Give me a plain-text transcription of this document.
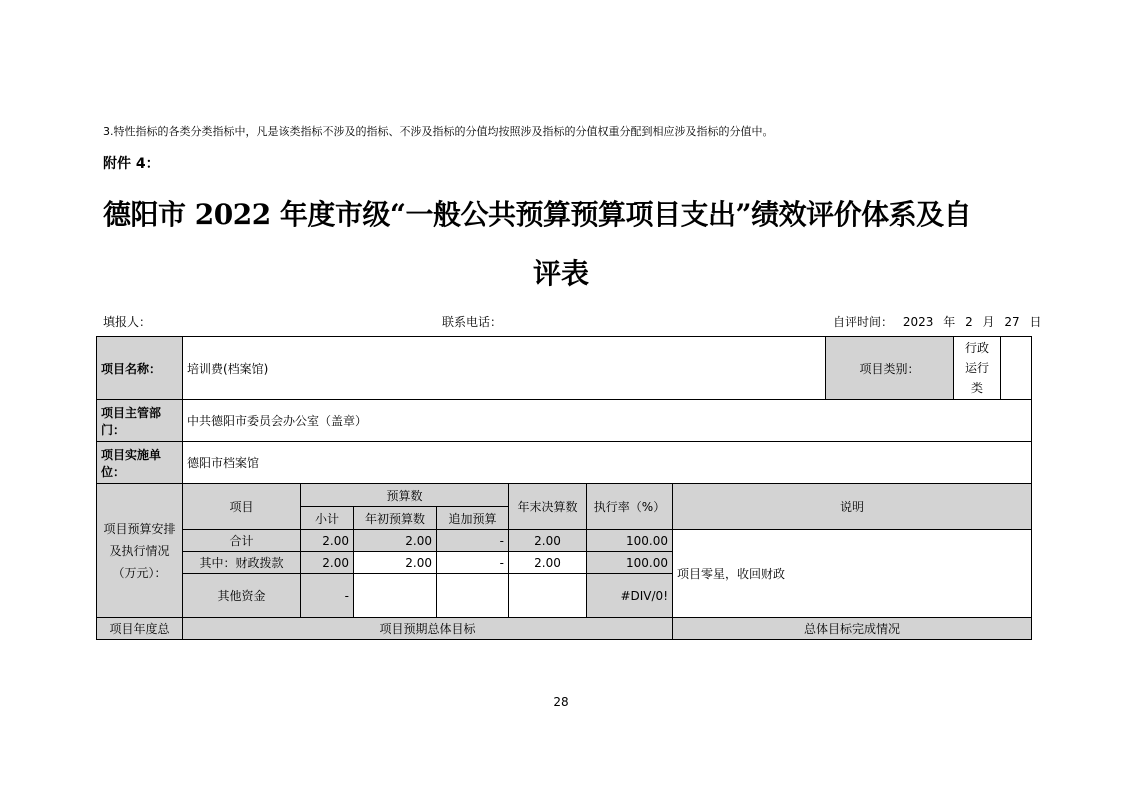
3.特性指标的各类分类指标中，凡是该类指标不涉及的指标、不涉及指标的分值均按照涉及指标的分值权重分配到相应涉及指标的分值中。
附件 4：
德阳市 2022 年度市级“一般公共预算预算项目支出”绩效评价体系及自
评表
填报人：	联系电话：	自评时间： 2023 年 2 月 27 日
项目名称：	培训费(档案馆)							项目类别：	行政运行类	
项目主管部门：	中共德阳市委员会办公室（盖章）									
项目实施单位：	德阳市档案馆									
项目预算安排及执行情况（万元）：	项目	预算数			年末决算数	执行率（%）	说明			
		小计	年初预算数	追加预算						
	合计	2.00	2.00	-	2.00	100.00	项目零星，收回财政			
	其中：财政拨款	2.00	2.00	-	2.00	100.00				
	其他资金	-				#DIV/0!				
项目年度总	项目预期总体目标						总体目标完成情况			
28
